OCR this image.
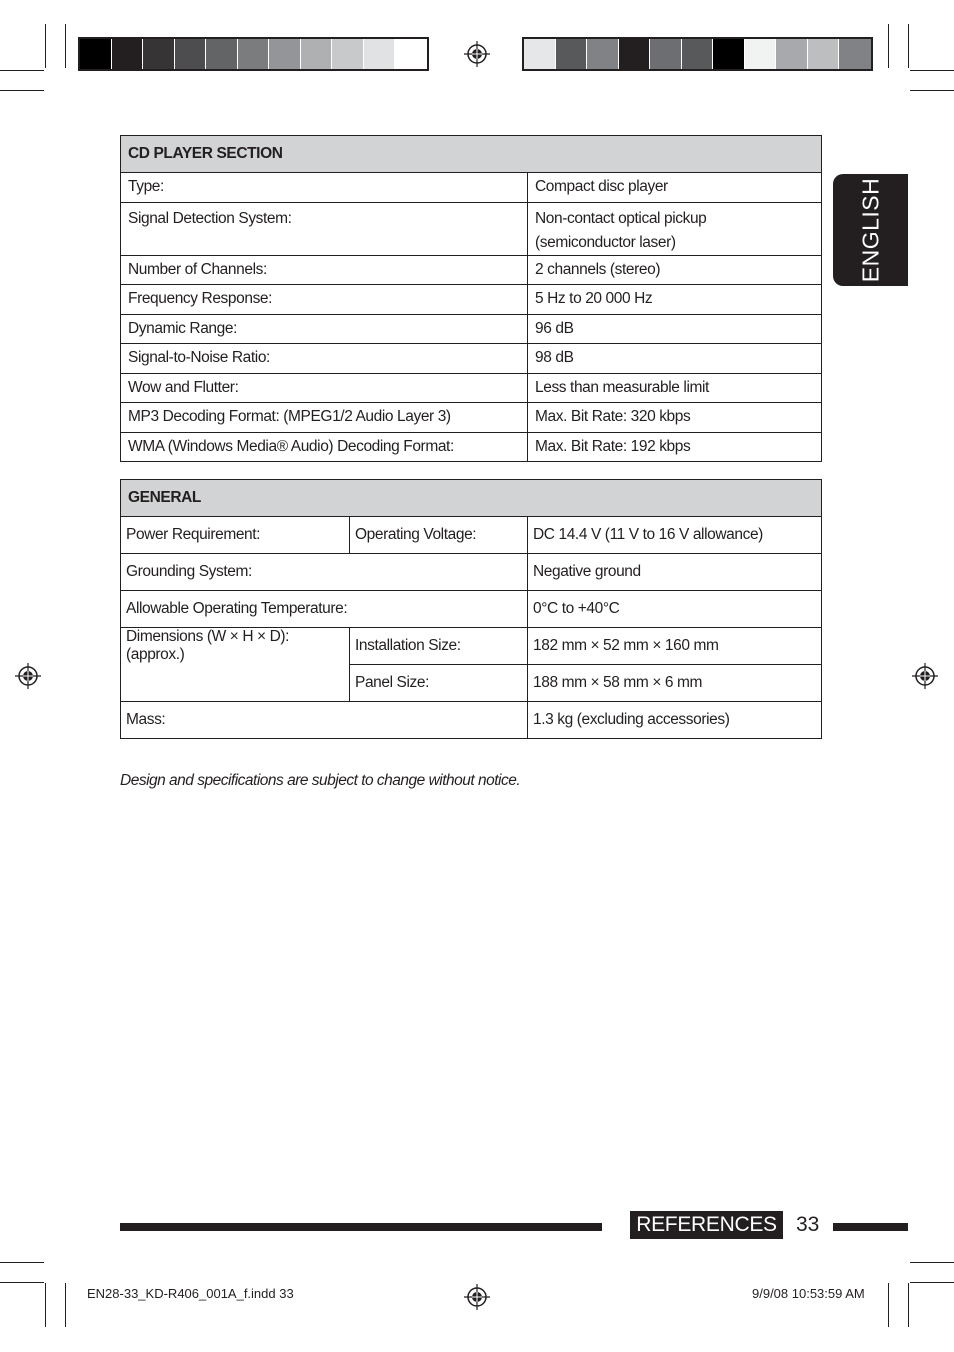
CD PLAYER SECTION	
Type:	Compact disc player
Signal Detection System:	Non-contact optical pickup
(semiconductor laser)

Number of Channels:	2 channels (stereo)
Frequency Response:	5 Hz to 20 000 Hz
Dynamic Range:	96 dB
Signal-to-Noise Ratio:	98 dB
Wow and Flutter:	Less than measurable limit
MP3 Decoding Format: (MPEG1/2 Audio Layer 3)	Max. Bit Rate: 320 kbps
WMA (Windows Media® Audio) Decoding Format:	Max. Bit Rate: 192 kbps
GENERAL		
Power Requirement:	Operating Voltage:	DC 14.4 V (11 V to 16 V allowance)
Grounding System:		Negative ground
Allowable Operating Temperature:		0°C to +40°C
Dimensions (W × H × D): (approx.)	Installation Size:	182 mm × 52 mm × 160 mm
	Panel Size:	188 mm × 58 mm × 6 mm
Mass:		1.3 kg (excluding accessories)
Design and specifications are subject to change without notice.
ENGLISH
REFERENCES 33
EN28-33_KD-R406_001A_f.indd 33	9/9/08 10:53:59 AM
